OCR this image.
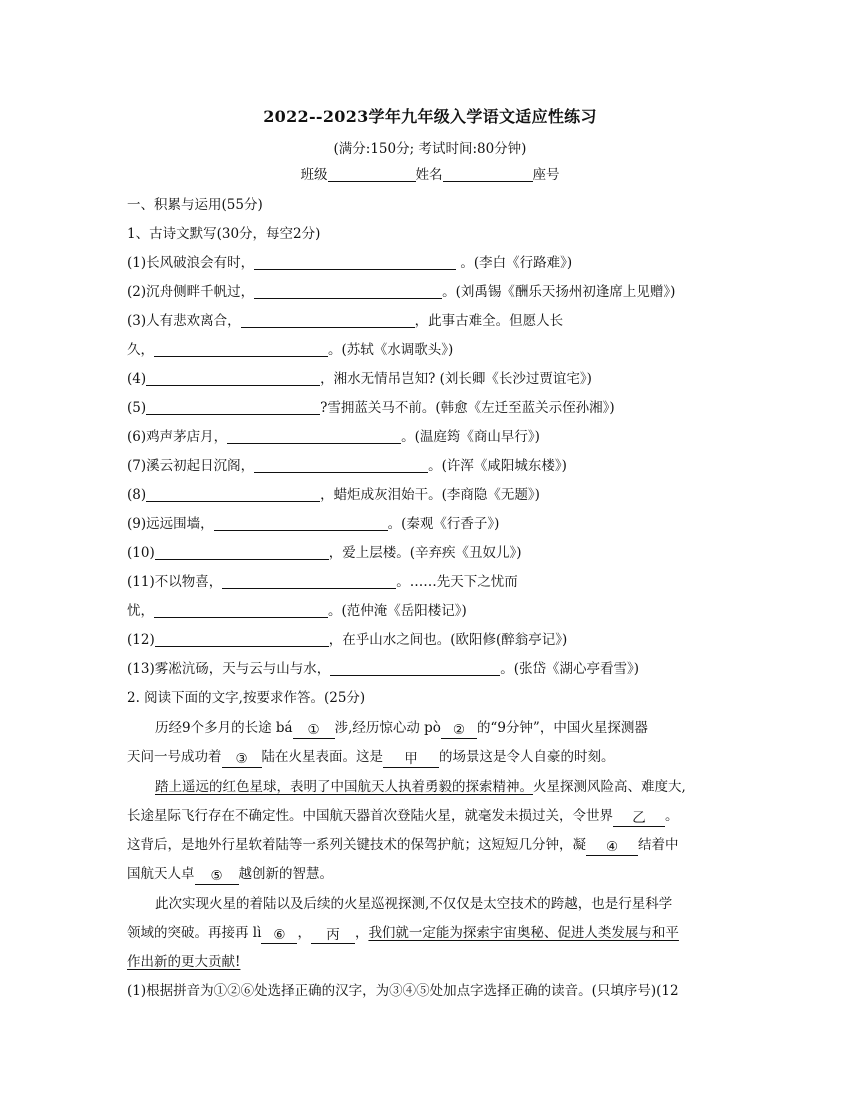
2022--2023学年九年级入学语文适应性练习
(满分:150分; 考试时间:80分钟)
班级	姓名	座号
一、积累与运用(55分)
1、古诗文默写(30分，每空2分)
(1)长风破浪会有时，	。(李白《行路难》)
(2)沉舟侧畔千帆过，	。(刘禹锡《酬乐天扬州初逢席上见赠》)
(3)人有悲欢离合，	，此事古难全。但愿人长
久，	。(苏轼《水调歌头》)
(4)	，湘水无情吊岂知? (刘长卿《长沙过贾谊宅》)
(5)	?雪拥蓝关马不前。(韩愈《左迁至蓝关示侄孙湘》)
(6)鸡声茅店月，	。(温庭筠《商山早行》)
(7)溪云初起日沉阁，	。(许浑《咸阳城东楼》)
(8)	，蜡炬成灰泪始干。(李商隐《无题》)
(9)远远围墙，	。(秦观《行香子》)
(10)	，爱上层楼。(辛弃疾《丑奴儿》)
(11)不以物喜，	。……先天下之忧而
忧，	。(范仲淹《岳阳楼记》)
(12)	，在乎山水之间也。(欧阳修(醉翁亭记》)
(13)雾凇沆砀，天与云与山与水，	。(张岱《湖心亭看雪》)
2. 阅读下面的文字,按要求作答。(25分)
历经9个多月的长途 bá ① 涉,经历惊心动 pò ② 的“9分钟”，中国火星探测器
天问一号成功着 ③ 陆在火星表面。这是 甲 的场景这是令人自豪的时刻。
踏上遥远的红色星球，表明了中国航天人执着勇毅的探索精神。火星探测风险高、难度大,
长途星际飞行存在不确定性。中国航天器首次登陆火星，就毫发未损过关，令世界 乙 。
这背后，是地外行星软着陆等一系列关键技术的保驾护航；这短短几分钟，凝 ④ 结着中
国航天人卓 ⑤ 越创新的智慧。
此次实现火星的着陆以及后续的火星巡视探测,不仅仅是太空技术的跨越，也是行星科学
领域的突破。再接再 lì ⑥ ， 丙 ，我们就一定能为探索宇宙奥秘、促进人类发展与和平
作出新的更大贡献!
(1)根据拼音为①②⑥处选择正确的汉字，为③④⑤处加点字选择正确的读音。(只填序号)(12
